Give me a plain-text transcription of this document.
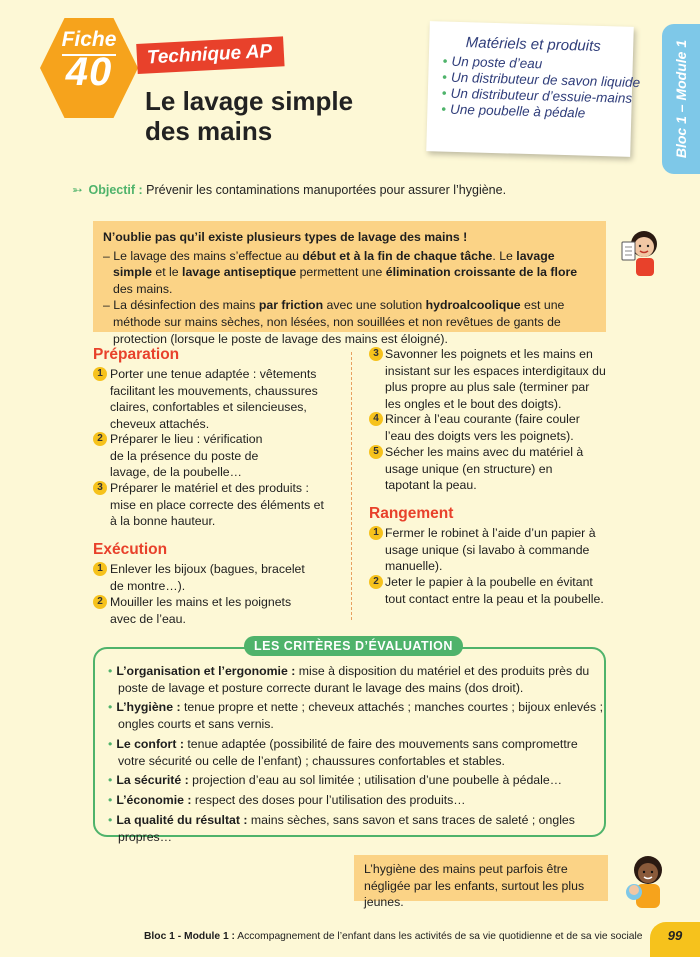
Fiche
40	Technique AP
Le lavage simple
des mains
Matériels et produits
• Un poste d’eau
• Un distributeur de savon liquide
• Un distributeur d’essuie-mains
• Une poubelle à pédale	Bloc 1 – Module 1
➳ Objectif : Prévenir les contaminations manuportées pour assurer l’hygiène.

N’oublie pas qu’il existe plusieurs types de lavage des mains !

– Le lavage des mains s’effectue au début et à la fin de chaque tâche. Le lavage simple et le lavage antiseptique permettent une élimination croissante de la flore des mains.

– La désinfection des mains par friction avec une solution hydroalcoolique est une méthode sur mains sèches, non lésées, non souillées et non revêtues de gants de protection (lorsque le poste de lavage des mains est éloigné).

Préparation
1 Porter une tenue adaptée : vêtements facilitant les mouvements, chaussures claires, confortables et silencieuses, cheveux attachés.
2 Préparer le lieu : vérification de la présence du poste de lavage, de la poubelle…
3 Préparer le matériel et des produits : mise en place correcte des éléments et à la bonne hauteur.
Exécution
1 Enlever les bijoux (bagues, bracelet de montre…).
2 Mouiller les mains et les poignets avec de l’eau.
3 Savonner les poignets et les mains en insistant sur les espaces interdigitaux du plus propre au plus sale (terminer par les ongles et le bout des doigts).
4 Rincer à l’eau courante (faire couler l’eau des doigts vers les poignets).
5 Sécher les mains avec du matériel à usage unique (en structure) en tapotant la peau.
Rangement
1 Fermer le robinet à l’aide d’un papier à usage unique (si lavabo à commande manuelle).
2 Jeter le papier à la poubelle en évitant tout contact entre la peau et la poubelle.
LES CRITÈRES D’ÉVALUATION
• L’organisation et l’ergonomie : mise à disposition du matériel et des produits près du poste de lavage et posture correcte durant le lavage des mains (dos droit).
• L’hygiène : tenue propre et nette ; cheveux attachés ; manches courtes ; bijoux enlevés ; ongles courts et sans vernis.
• Le confort : tenue adaptée (possibilité de faire des mouvements sans compromettre votre sécurité ou celle de l’enfant) ; chaussures confortables et stables.
• La sécurité : projection d’eau au sol limitée ; utilisation d’une poubelle à pédale…
• L’économie : respect des doses pour l’utilisation des produits…
• La qualité du résultat : mains sèches, sans savon et sans traces de saleté ; ongles propres…
L’hygiène des mains peut parfois être négligée par les enfants, surtout les plus jeunes.
Bloc 1 - Module 1 : Accompagnement de l’enfant dans les activités de sa vie quotidienne et de sa vie sociale	99
